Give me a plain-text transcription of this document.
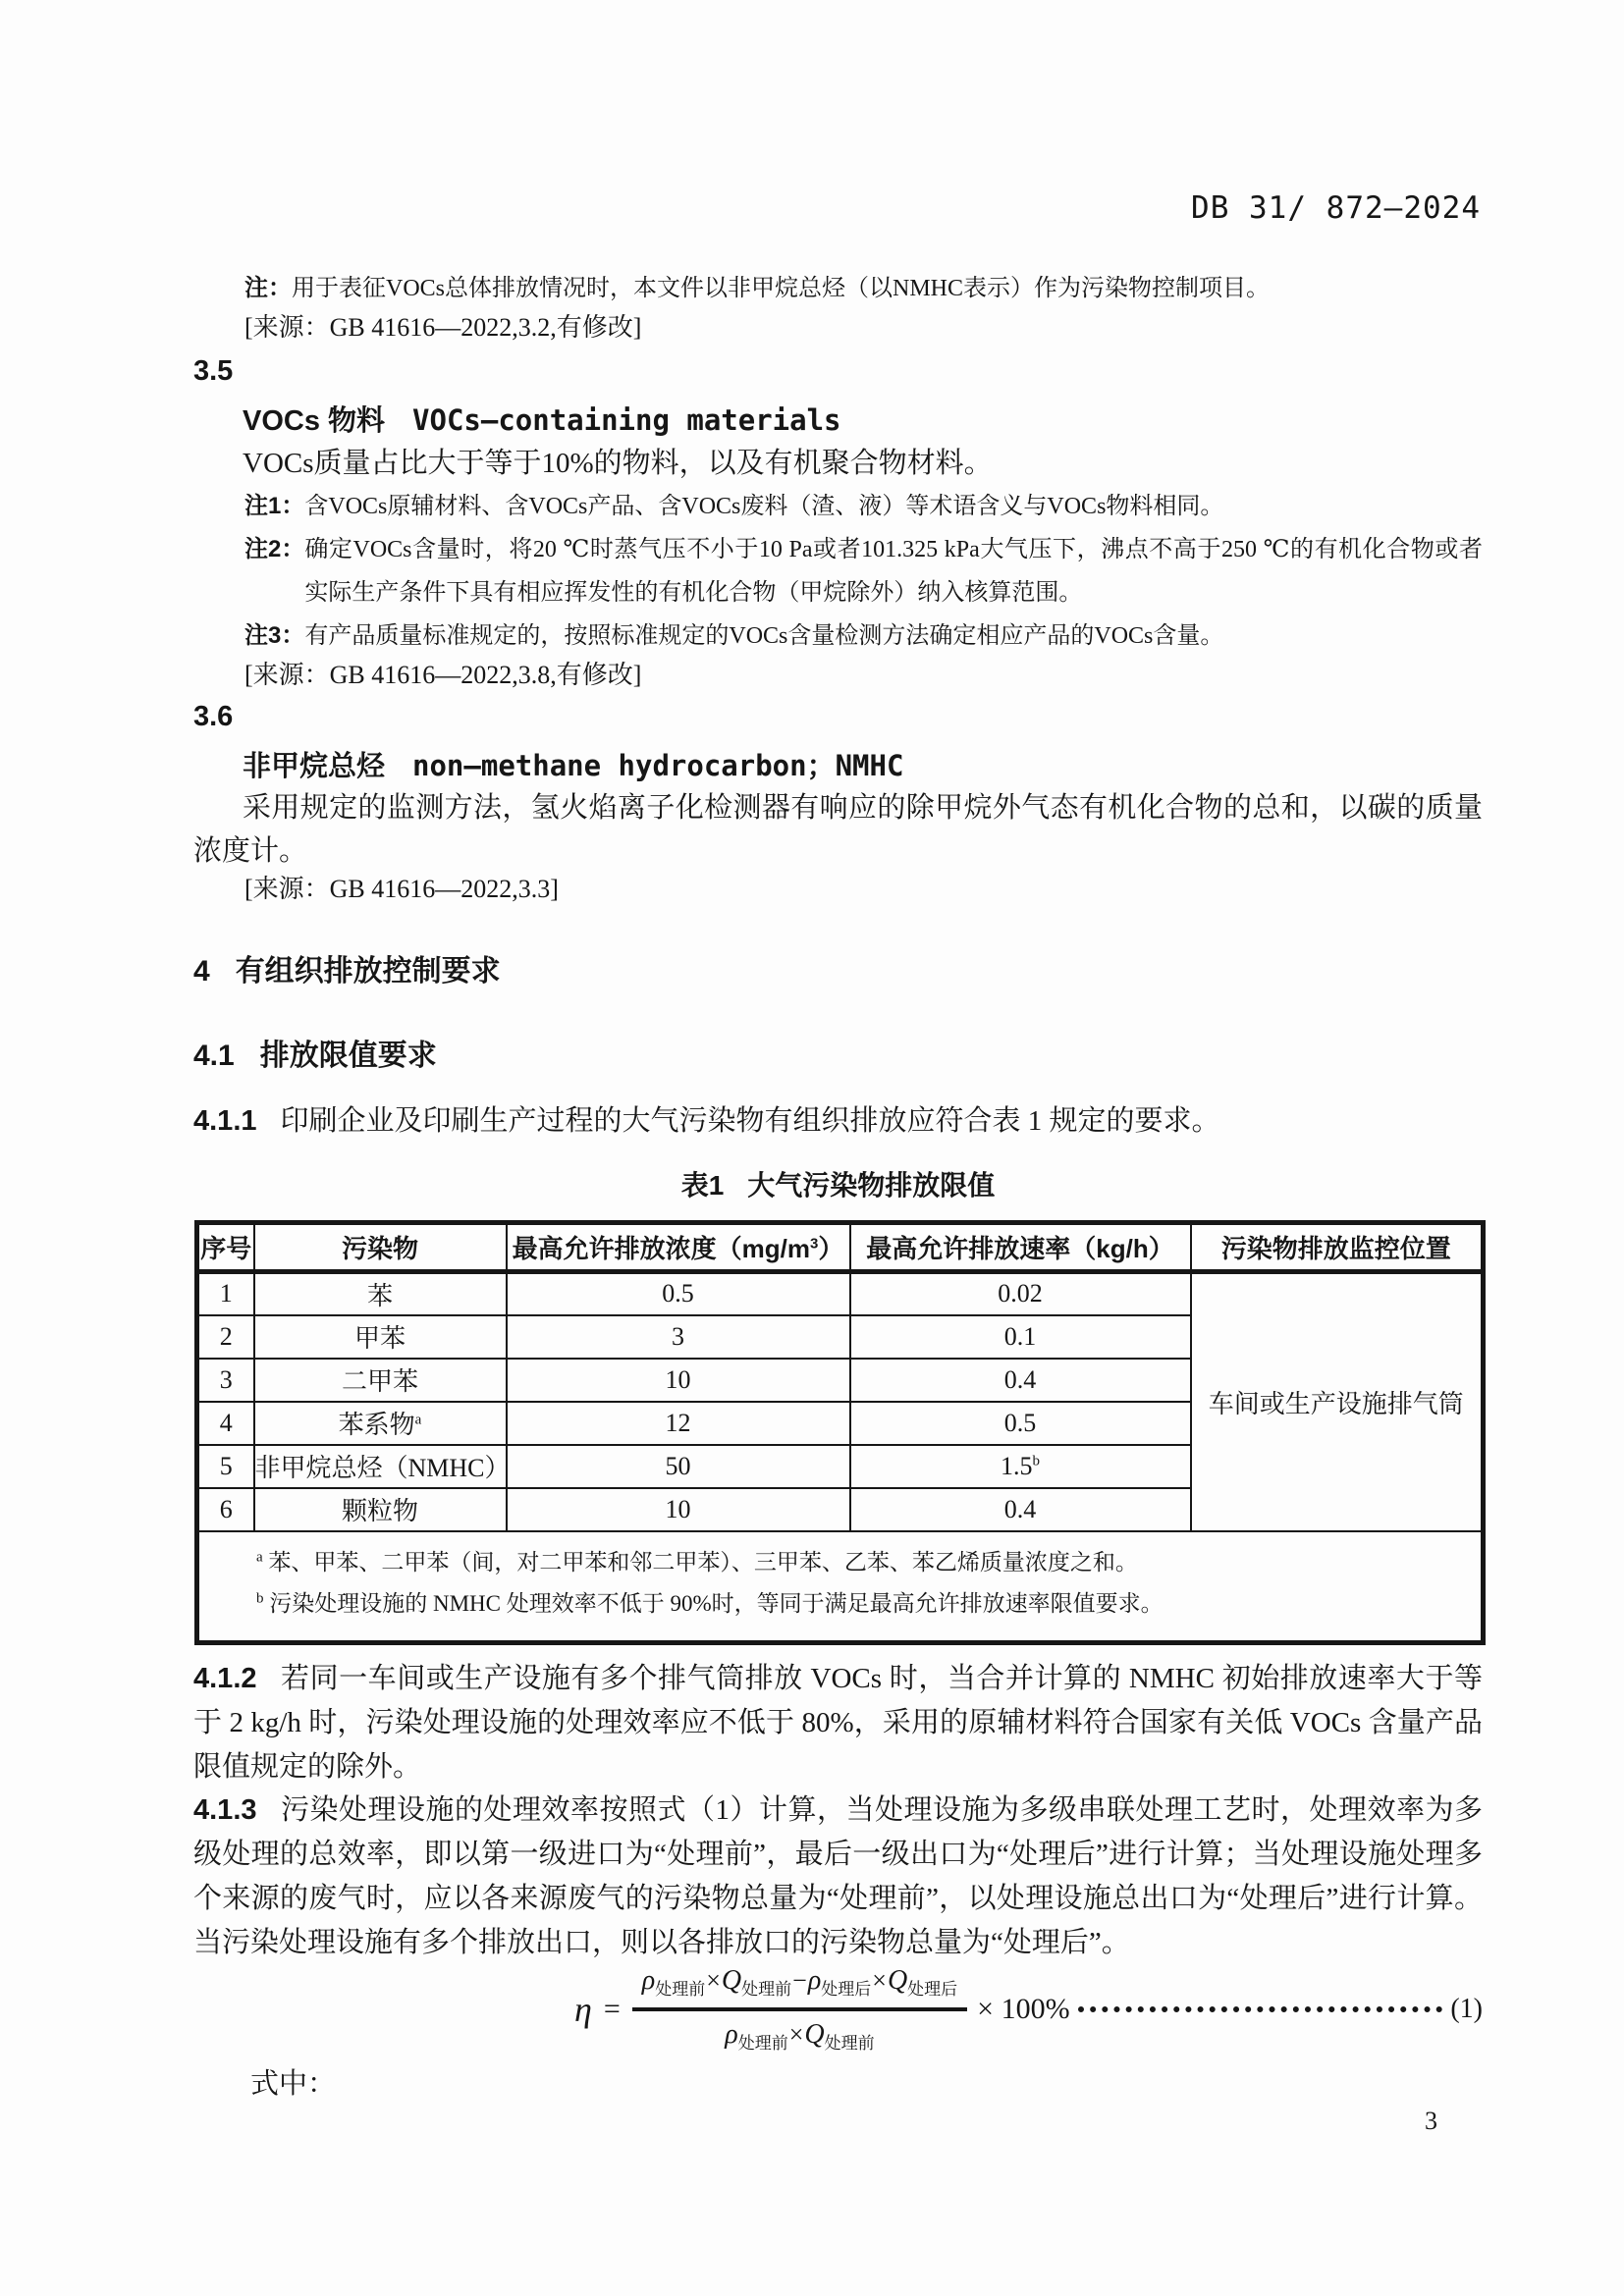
DB 31/ 872—2024
注： 用于表征VOCs总体排放情况时，本文件以非甲烷总烃（以NMHC表示）作为污染物控制项目。
[来源：GB 41616—2022,3.2,有修改]
3.5
VOCs 物料 VOCs—containing materials
VOCs质量占比大于等于10%的物料，以及有机聚合物材料。
注1： 含VOCs原辅材料、含VOCs产品、含VOCs废料（渣、液）等术语含义与VOCs物料相同。
注2： 确定VOCs含量时，将20 ℃时蒸气压不小于10 Pa或者101.325 kPa大气压下，沸点不高于250 ℃的有机化合物或者实际生产条件下具有相应挥发性的有机化合物（甲烷除外）纳入核算范围。
注3： 有产品质量标准规定的，按照标准规定的VOCs含量检测方法确定相应产品的VOCs含量。
[来源：GB 41616—2022,3.8,有修改]
3.6
非甲烷总烃 non—methane hydrocarbon；NMHC
采用规定的监测方法，氢火焰离子化检测器有响应的除甲烷外气态有机化合物的总和，以碳的质量浓度计。
[来源：GB 41616—2022,3.3]
4 有组织排放控制要求
4.1 排放限值要求
4.1.1 印刷企业及印刷生产过程的大气污染物有组织排放应符合表 1 规定的要求。
表1 大气污染物排放限值
序号	污染物	最高允许排放浓度$(mg/m^3)$	最高允许排放速率（kg/h）	污染物排放监控位置
1	苯	0.5	0.02	车间或生产设施排气筒
2	甲苯	3	0.1	
3	二甲苯	10	0.4	
4	苯系物$^a$	12	0.5	
5	非甲烷总烃（NMHC）	50	1.5$^b$
6	颗粒物	10	0.4	

$^a$ 苯、甲苯、二甲苯（间，对二甲苯和邻二甲苯）、三甲苯、乙苯、苯乙烯质量浓度之和。
$^b$ 污染处理设施的 NMHC 处理效率不低于 90%时，等同于满足最高允许排放速率限值要求。				
4.1.2 若同一车间或生产设施有多个排气筒排放 VOCs 时，当合并计算的 NMHC 初始排放速率大于等于 2 kg/h 时，污染处理设施的处理效率应不低于 80%，采用的原辅材料符合国家有关低 VOCs 含量产品限值规定的除外。
4.1.3 污染处理设施的处理效率按照式（1）计算，当处理设施为多级串联处理工艺时，处理效率为多级处理的总效率，即以第一级进口为“处理前”，最后一级出口为“处理后”进行计算；当处理设施处理多个来源的废气时，应以各来源废气的污染物总量为“处理前”，以处理设施总出口为“处理后”进行计算。当污染处理设施有多个排放出口，则以各排放口的污染物总量为“处理后”。
$\eta = \frac{\text{ρ处理前×Q处理前−ρ处理后×Q处理后}}{\text{ρ处理前×Q处理前}} \times 100\%$	(1)
式中：
3
